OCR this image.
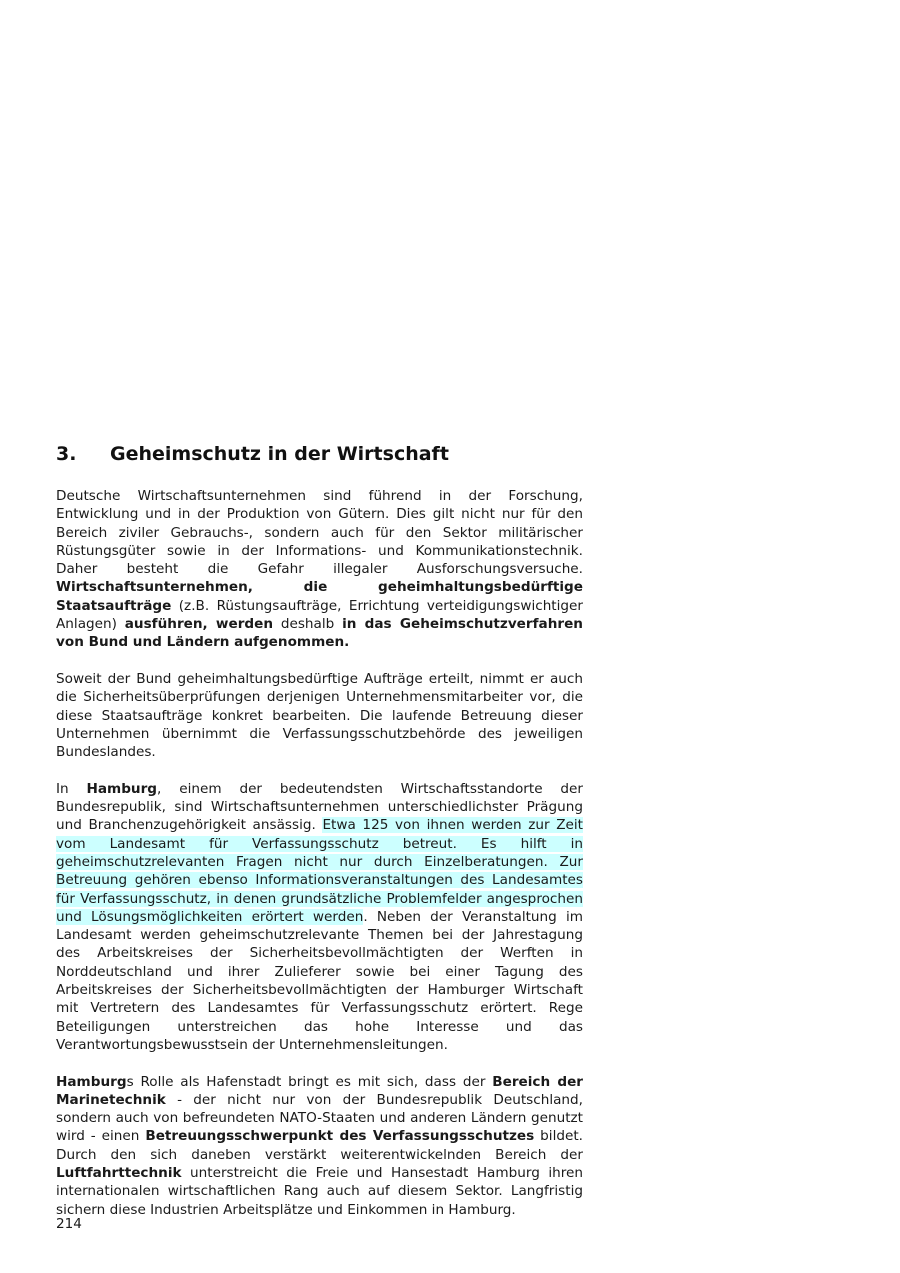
3.	Geheimschutz in der Wirtschaft

Deutsche Wirtschaftsunternehmen sind führend in der Forschung, Entwicklung und in der Produktion von Gütern. Dies gilt nicht nur für den Bereich ziviler Gebrauchs-, sondern auch für den Sektor militärischer Rüstungsgüter sowie in der Informations- und Kommunikationstechnik. Daher besteht die Gefahr illegaler Ausforschungsversuche. Wirtschaftsunternehmen, die geheimhaltungsbedürftige Staatsaufträge (z.B. Rüstungsaufträge, Errichtung verteidigungswichtiger Anlagen) ausführen, werden deshalb in das Geheimschutzverfahren von Bund und Ländern aufgenommen.

Soweit der Bund geheimhaltungsbedürftige Aufträge erteilt, nimmt er auch die Sicherheitsüberprüfungen derjenigen Unternehmensmitarbeiter vor, die diese Staatsaufträge konkret bearbeiten. Die laufende Betreuung dieser Unternehmen übernimmt die Verfassungsschutzbehörde des jeweiligen Bundeslandes.

In Hamburg, einem der bedeutendsten Wirtschaftsstandorte der Bundesrepublik, sind Wirtschaftsunternehmen unterschiedlichster Prägung und Branchenzugehörigkeit ansässig. Etwa 125 von ihnen werden zur Zeit vom Landesamt für Verfassungsschutz betreut. Es hilft in geheimschutzrelevanten Fragen nicht nur durch Einzelberatungen. Zur Betreuung gehören ebenso Informationsveranstaltungen des Landesamtes für Verfassungsschutz, in denen grundsätzliche Problemfelder angesprochen und Lösungsmöglichkeiten erörtert werden. Neben der Veranstaltung im Landesamt werden geheimschutzrelevante Themen bei der Jahrestagung des Arbeitskreises der Sicherheitsbevollmächtigten der Werften in Norddeutschland und ihrer Zulieferer sowie bei einer Tagung des Arbeitskreises der Sicherheitsbevollmächtigten der Hamburger Wirtschaft mit Vertretern des Landesamtes für Verfassungsschutz erörtert. Rege Beteiligungen unterstreichen das hohe Interesse und das Verantwortungsbewusstsein der Unternehmensleitungen.

Hamburgs Rolle als Hafenstadt bringt es mit sich, dass der Bereich der Marinetechnik - der nicht nur von der Bundesrepublik Deutschland, sondern auch von befreundeten NATO-Staaten und anderen Ländern genutzt wird - einen Betreuungsschwerpunkt des Verfassungsschutzes bildet. Durch den sich daneben verstärkt weiterentwickelnden Bereich der Luftfahrttechnik unterstreicht die Freie und Hansestadt Hamburg ihren internationalen wirtschaftlichen Rang auch auf diesem Sektor. Langfristig sichern diese Industrien Arbeitsplätze und Einkommen in Hamburg.

214
